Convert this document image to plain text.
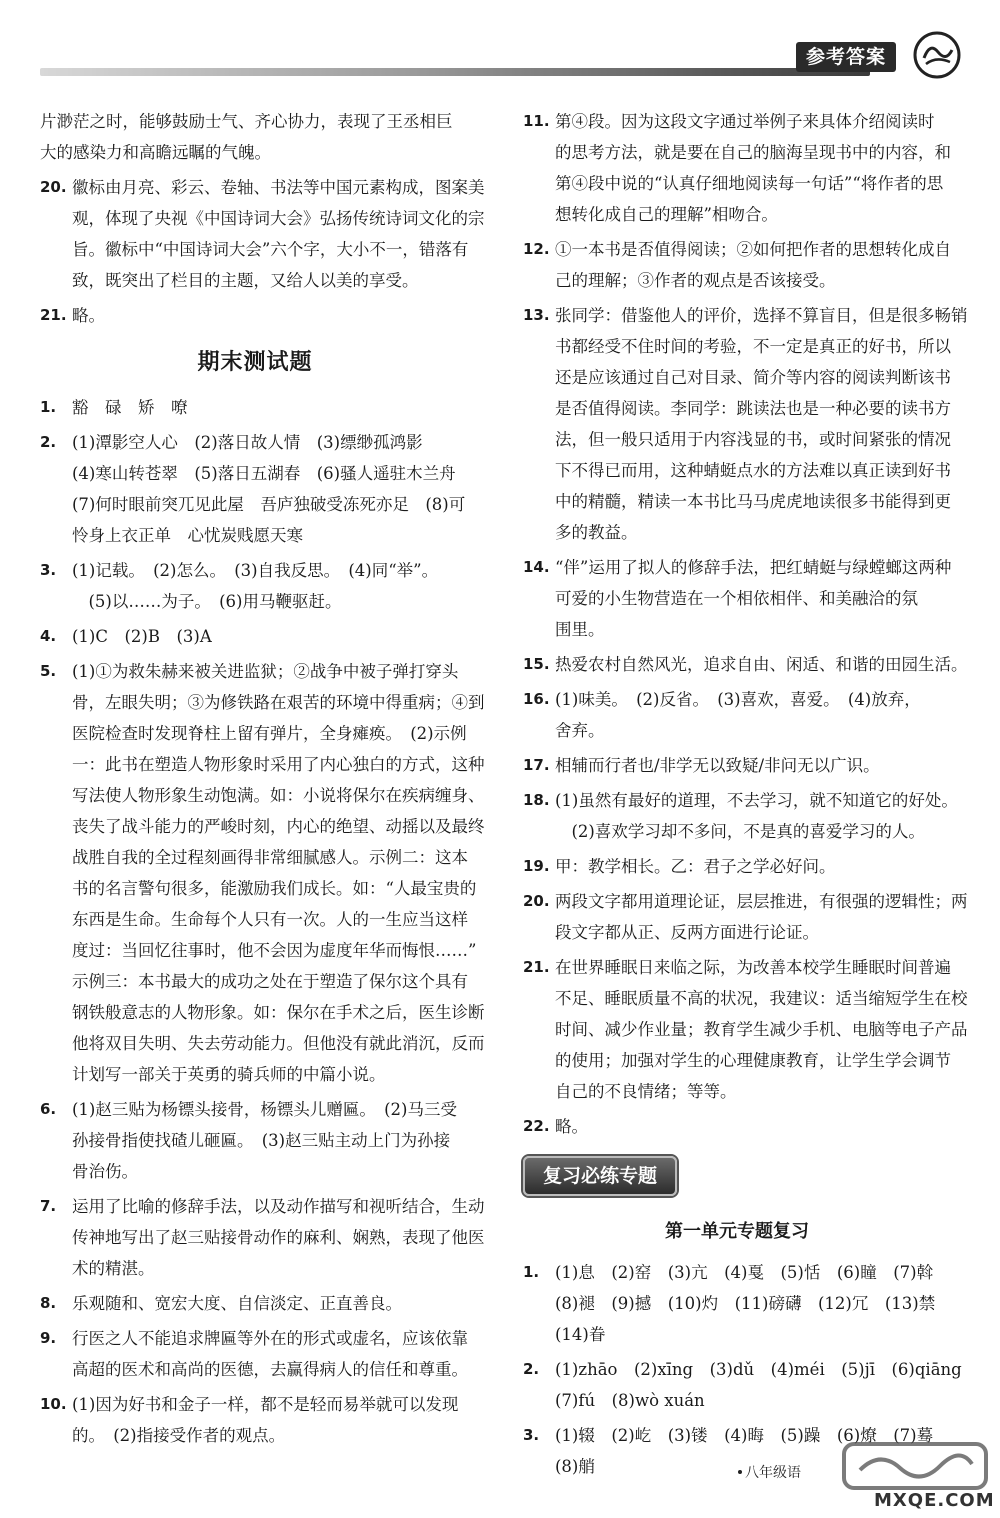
参考答案
片渺茫之时，能够鼓励士气、齐心协力，表现了王丞相巨
大的感染力和高瞻远瞩的气魄。
20. 徽标由月亮、彩云、卷轴、书法等中国元素构成，图案美
观，体现了央视《中国诗词大会》弘扬传统诗词文化的宗
旨。徽标中“中国诗词大会”六个字，大小不一，错落有
致，既突出了栏目的主题，又给人以美的享受。
21. 略。
期末测试题
1. 豁　碌　矫　嘹
2. (1)潭影空人心　(2)落日故人情　(3)缥缈孤鸿影
(4)寒山转苍翠　(5)落日五湖春　(6)骚人遥驻木兰舟
(7)何时眼前突兀见此屋　吾庐独破受冻死亦足　(8)可
怜身上衣正单　心忧炭贱愿天寒
3. (1)记载。　(2)怎么。　(3)自我反思。　(4)同“举”。
　(5)以……为子。　(6)用马鞭驱赶。
4. (1)C　(2)B　(3)A
5. (1)①为救朱赫来被关进监狱；②战争中被子弹打穿头
骨，左眼失明；③为修铁路在艰苦的环境中得重病；④到
医院检查时发现脊柱上留有弹片，全身瘫痪。　(2)示例
一：此书在塑造人物形象时采用了内心独白的方式，这种
写法使人物形象生动饱满。如：小说将保尔在疾病缠身、
丧失了战斗能力的严峻时刻，内心的绝望、动摇以及最终
战胜自我的全过程刻画得非常细腻感人。示例二：这本
书的名言警句很多，能激励我们成长。如：“人最宝贵的
东西是生命。生命每个人只有一次。人的一生应当这样
度过：当回忆往事时，他不会因为虚度年华而悔恨……”
示例三：本书最大的成功之处在于塑造了保尔这个具有
钢铁般意志的人物形象。如：保尔在手术之后，医生诊断
他将双目失明、失去劳动能力。但他没有就此消沉，反而
计划写一部关于英勇的骑兵师的中篇小说。
6. (1)赵三贴为杨镖头接骨，杨镖头儿赠匾。　(2)马三受
孙接骨指使找碴儿砸匾。　(3)赵三贴主动上门为孙接
骨治伤。
7. 运用了比喻的修辞手法，以及动作描写和视听结合，生动
传神地写出了赵三贴接骨动作的麻利、娴熟，表现了他医
术的精湛。
8. 乐观随和、宽宏大度、自信淡定、正直善良。
9. 行医之人不能追求牌匾等外在的形式或虚名，应该依靠
高超的医术和高尚的医德，去赢得病人的信任和尊重。
10. (1)因为好书和金子一样，都不是轻而易举就可以发现
的。　(2)指接受作者的观点。
11. 第④段。因为这段文字通过举例子来具体介绍阅读时
的思考方法，就是要在自己的脑海呈现书中的内容，和
第④段中说的“认真仔细地阅读每一句话”“将作者的思
想转化成自己的理解”相吻合。
12. ①一本书是否值得阅读；②如何把作者的思想转化成自
己的理解；③作者的观点是否该接受。
13. 张同学：借鉴他人的评价，选择不算盲目，但是很多畅销
书都经受不住时间的考验，不一定是真正的好书，所以
还是应该通过自己对目录、简介等内容的阅读判断该书
是否值得阅读。李同学：跳读法也是一种必要的读书方
法，但一般只适用于内容浅显的书，或时间紧张的情况
下不得已而用，这种蜻蜓点水的方法难以真正读到好书
中的精髓，精读一本书比马马虎虎地读很多书能得到更
多的教益。
14. “伴”运用了拟人的修辞手法，把红蜻蜓与绿螳螂这两种
可爱的小生物营造在一个相依相伴、和美融洽的氛
围里。
15. 热爱农村自然风光，追求自由、闲适、和谐的田园生活。
16. (1)味美。　(2)反省。　(3)喜欢，喜爱。　(4)放弃，
舍弃。
17. 相辅而行者也/非学无以致疑/非问无以广识。
18. (1)虽然有最好的道理，不去学习，就不知道它的好处。
　(2)喜欢学习却不多问，不是真的喜爱学习的人。
19. 甲：教学相长。乙：君子之学必好问。
20. 两段文字都用道理论证，层层推进，有很强的逻辑性；两
段文字都从正、反两方面进行论证。
21. 在世界睡眠日来临之际，为改善本校学生睡眠时间普遍
不足、睡眠质量不高的状况，我建议：适当缩短学生在校
时间、减少作业量；教育学生减少手机、电脑等电子产品
的使用；加强对学生的心理健康教育，让学生学会调节
自己的不良情绪；等等。
22. 略。
复习必练专题
第一单元专题复习
1. (1)息　(2)窑　(3)亢　(4)戛　(5)恬　(6)瞳　(7)斡
(8)褪　(9)撼　(10)灼　(11)磅礴　(12)冗　(13)禁
(14)眷
2. (1)zhāo　(2)xīng　(3)dǔ　(4)méi　(5)jī　(6)qiāng
(7)fú　(8)wò xuán
3. (1)辍　(2)屹　(3)镂　(4)晦　(5)躁　(6)燎　(7)蓦
(8)艄	八年级语
MXQE.COM
